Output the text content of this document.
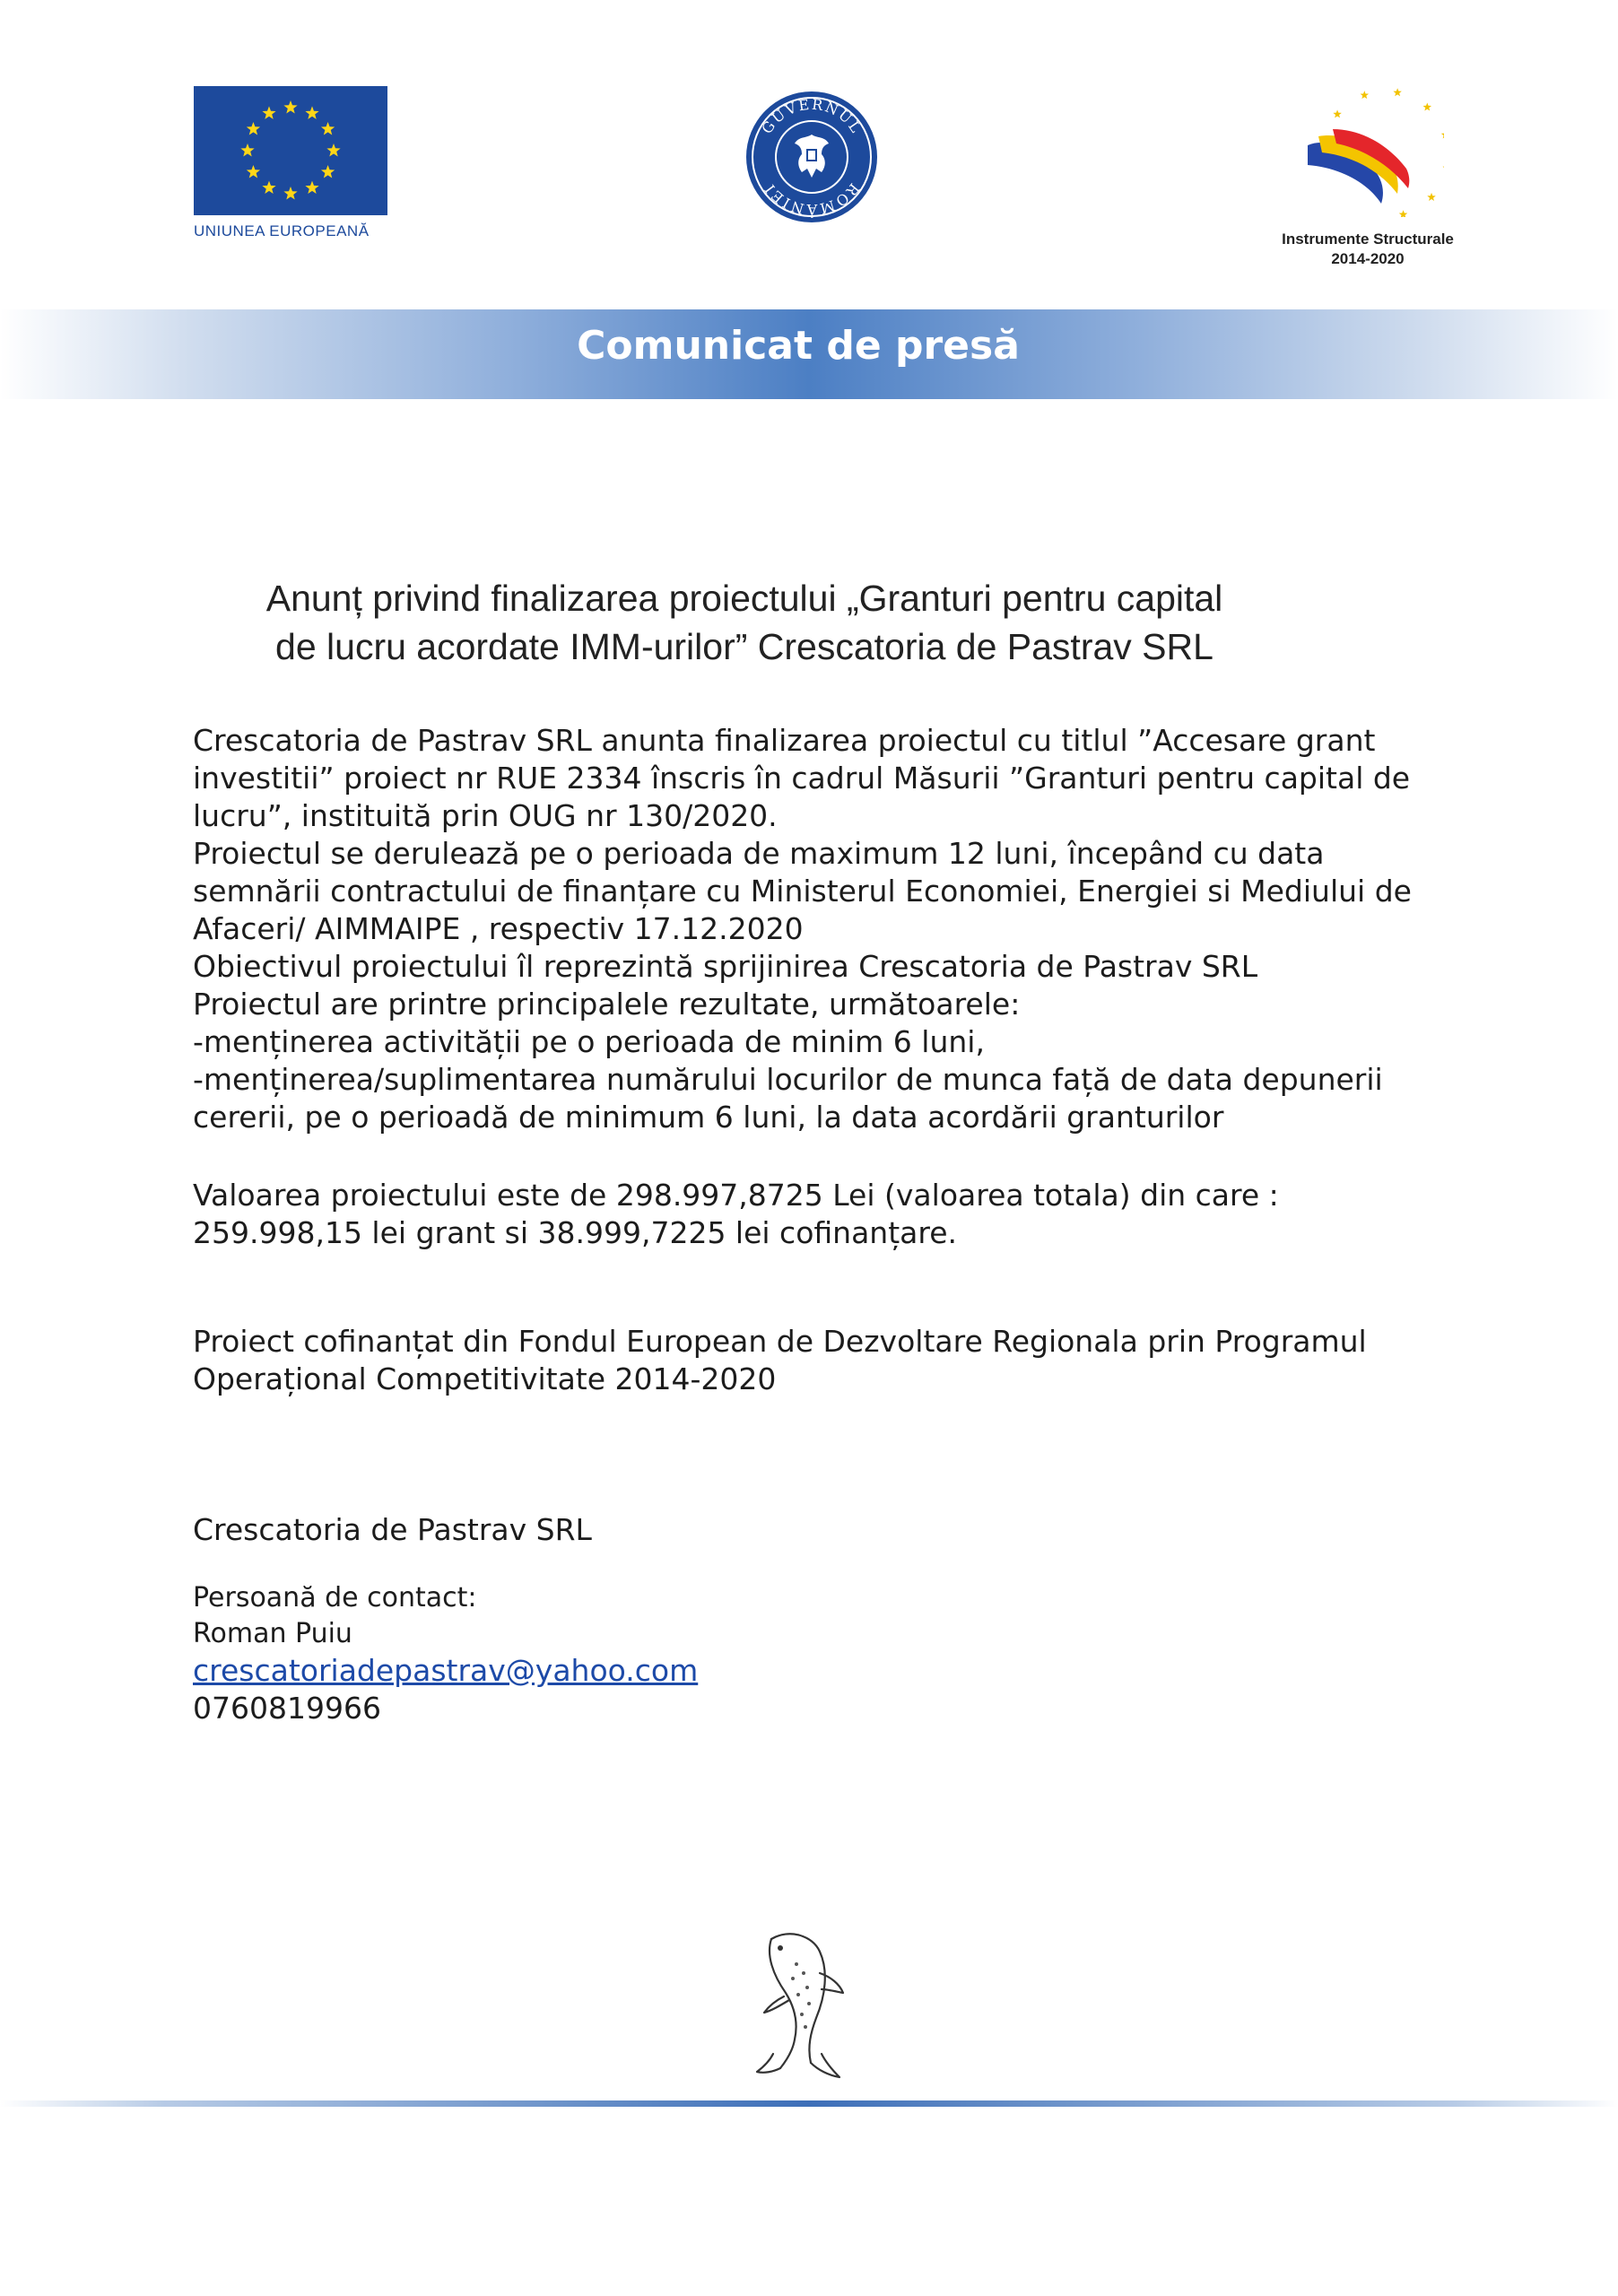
UNIUNEA EUROPEANĂ
GUVERNUL
ROMÂNIEI
Instrumente Structurale
2014-2020
Comunicat de presă
Anunț privind finalizarea proiectului „Granturi pentru capital
de lucru acordate IMM-urilor” Crescatoria de Pastrav SRL
Crescatoria de Pastrav SRL anunta finalizarea proiectul cu titlul ”Accesare grant
investitii” proiect nr RUE 2334 înscris în cadrul Măsurii ”Granturi pentru capital de
lucru”, instituită prin OUG nr 130/2020.
Proiectul se derulează pe o perioada de maximum 12 luni, începând cu data
semnării contractului de finanțare cu Ministerul Economiei, Energiei si Mediului de
Afaceri/ AIMMAIPE , respectiv 17.12.2020
Obiectivul proiectului îl reprezintă sprijinirea Crescatoria de Pastrav SRL
Proiectul are printre principalele rezultate, următoarele:
-menținerea activității pe o perioada de minim 6 luni,
-menținerea/suplimentarea numărului locurilor de munca față de data depunerii
cererii, pe o perioadă de minimum 6 luni, la data acordării granturilor
Valoarea proiectului este de 298.997,8725 Lei (valoarea totala) din care :
259.998,15 lei grant si 38.999,7225 lei cofinanțare.
Proiect cofinanțat din Fondul European de Dezvoltare Regionala prin Programul
Operațional Competitivitate 2014-2020
Crescatoria de Pastrav SRL
Persoană de contact:
Roman Puiu
crescatoriadepastrav@yahoo.com
0760819966
